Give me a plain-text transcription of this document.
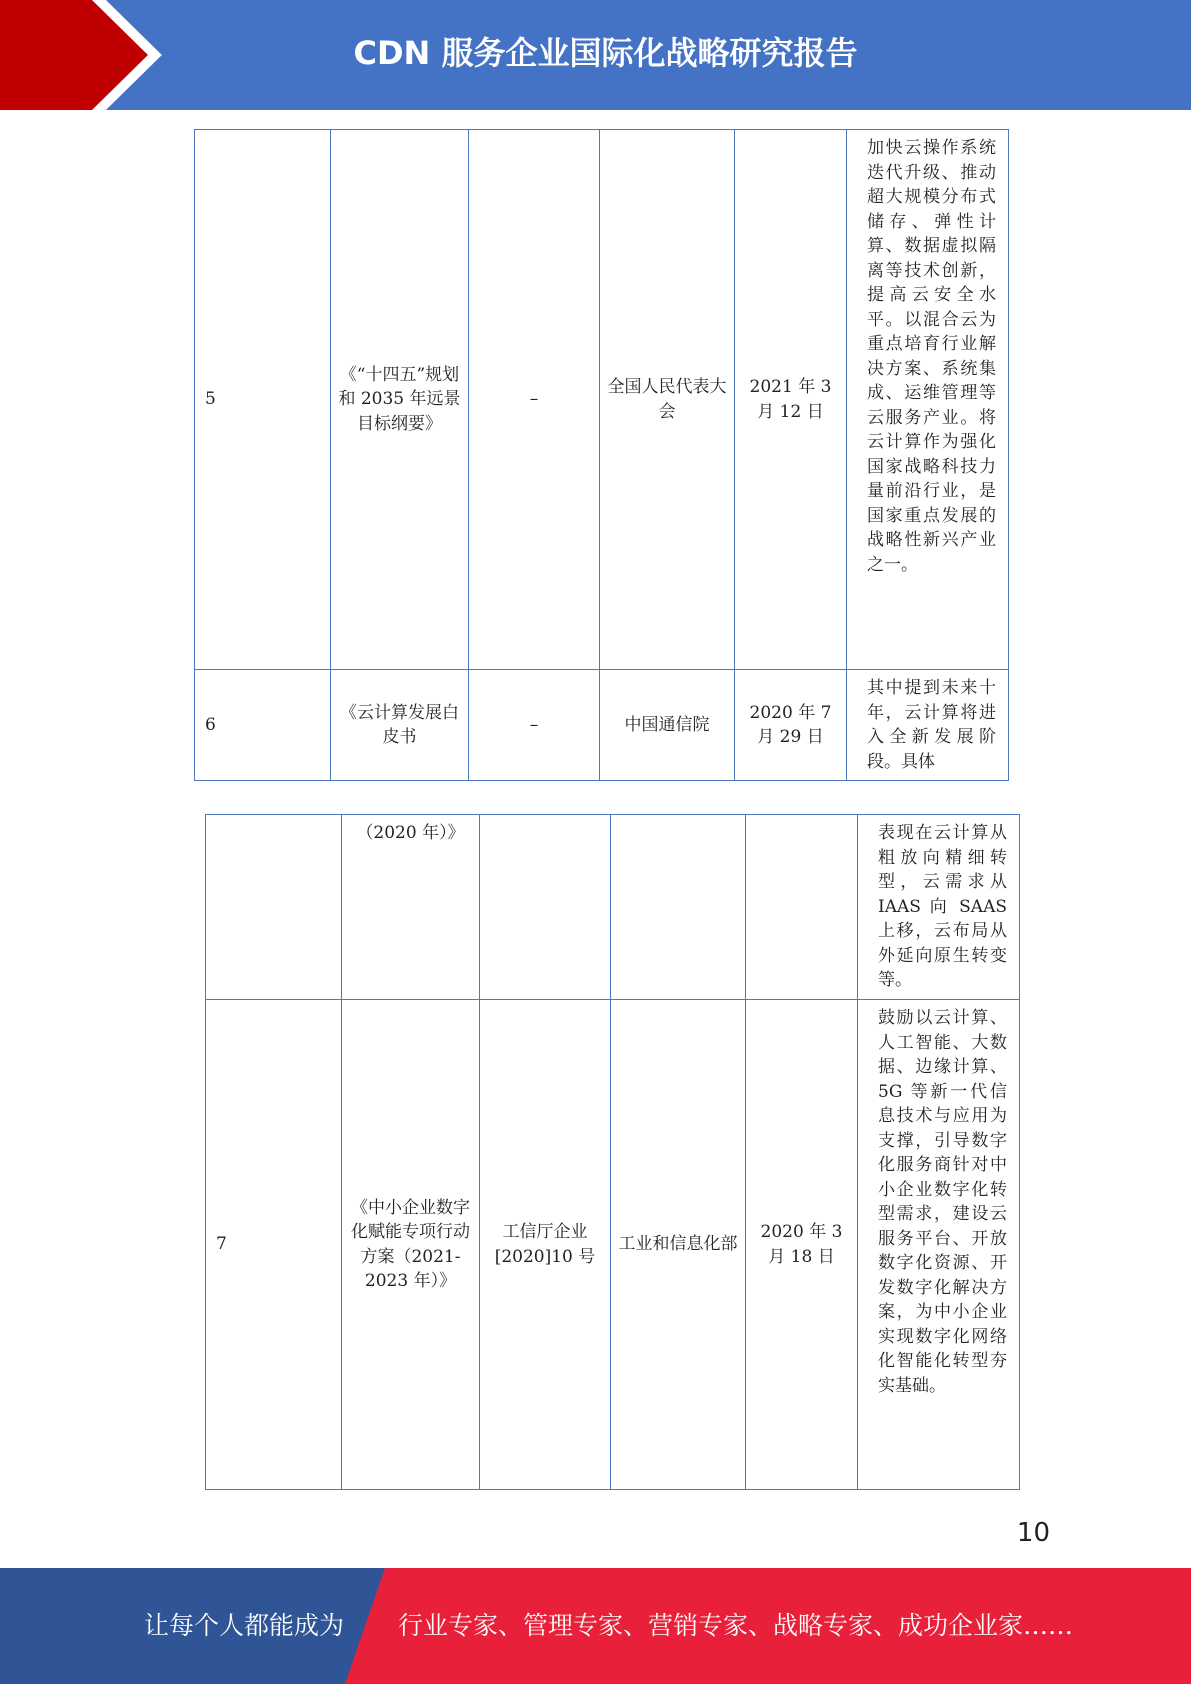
CDN 服务企业国际化战略研究报告
5	《“十四五”规划和 2035 年远景目标纲要》	–	全国人民代表大会	2021 年 3 月 12 日	加快云操作系统迭代升级、推动超大规模分布式储存、弹性计算、数据虚拟隔离等技术创新，提高云安全水平。以混合云为重点培育行业解决方案、系统集成、运维管理等云服务产业。将云计算作为强化国家战略科技力量前沿行业，是国家重点发展的战略性新兴产业之一。
6	《云计算发展白皮书	–	中国通信院	2020 年 7 月 29 日	其中提到未来十年，云计算将进入全新发展阶段。具体
	（2020 年）》				表现在云计算从粗放向精细转型，云需求从 IAAS 向 SAAS 上移，云布局从外延向原生转变等。
7	《中小企业数字化赋能专项行动方案（2021-2023 年）》	工信厅企业 [2020]10 号	工业和信息化部	2020 年 3 月 18 日	鼓励以云计算、人工智能、大数据、边缘计算、5G 等新一代信息技术与应用为支撑，引导数字化服务商针对中小企业数字化转型需求，建设云服务平台、开放数字化资源、开发数字化解决方案，为中小企业实现数字化网络化智能化转型夯实基础。
10
让每个人都能成为 行业专家、管理专家、营销专家、战略专家、成功企业家……
